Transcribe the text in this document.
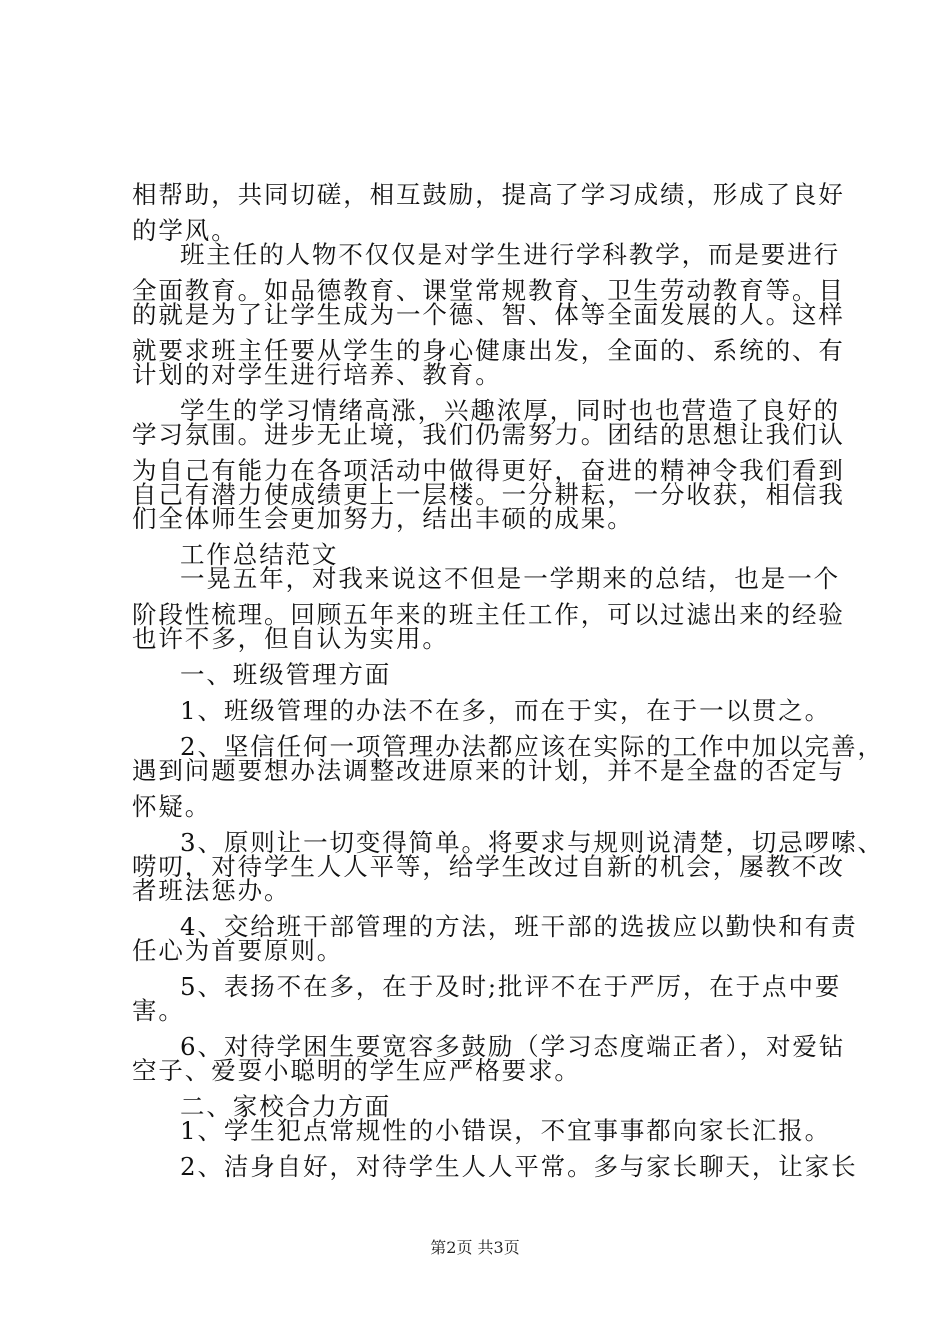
相帮助，共同切磋，相互鼓励，提高了学习成绩，形成了良好
的学风。
班主任的人物不仅仅是对学生进行学科教学，而是要进行
全面教育。如品德教育、课堂常规教育、卫生劳动教育等。目
的就是为了让学生成为一个德、智、体等全面发展的人。这样
就要求班主任要从学生的身心健康出发，全面的、系统的、有
计划的对学生进行培养、教育。
学生的学习情绪高涨，兴趣浓厚，同时也也营造了良好的
学习氛围。进步无止境，我们仍需努力。团结的思想让我们认
为自己有能力在各项活动中做得更好，奋进的精神令我们看到
自己有潜力使成绩更上一层楼。一分耕耘，一分收获，相信我
们全体师生会更加努力，结出丰硕的成果。
工作总结范文
一晃五年，对我来说这不但是一学期来的总结，也是一个
阶段性梳理。回顾五年来的班主任工作，可以过滤出来的经验
也许不多，但自认为实用。
一、班级管理方面
1、班级管理的办法不在多，而在于实，在于一以贯之。
2、坚信任何一项管理办法都应该在实际的工作中加以完善，
遇到问题要想办法调整改进原来的计划，并不是全盘的否定与
怀疑。
3、原则让一切变得简单。将要求与规则说清楚，切忌啰嗦、
唠叨，对待学生人人平等，给学生改过自新的机会，屡教不改
者班法惩办。
4、交给班干部管理的方法，班干部的选拔应以勤快和有责
任心为首要原则。
5、表扬不在多，在于及时;批评不在于严厉，在于点中要
害。
6、对待学困生要宽容多鼓励（学习态度端正者），对爱钻
空子、爱耍小聪明的学生应严格要求。
二、家校合力方面
1、学生犯点常规性的小错误，不宜事事都向家长汇报。
2、洁身自好，对待学生人人平常。多与家长聊天，让家长
第2页 共3页
